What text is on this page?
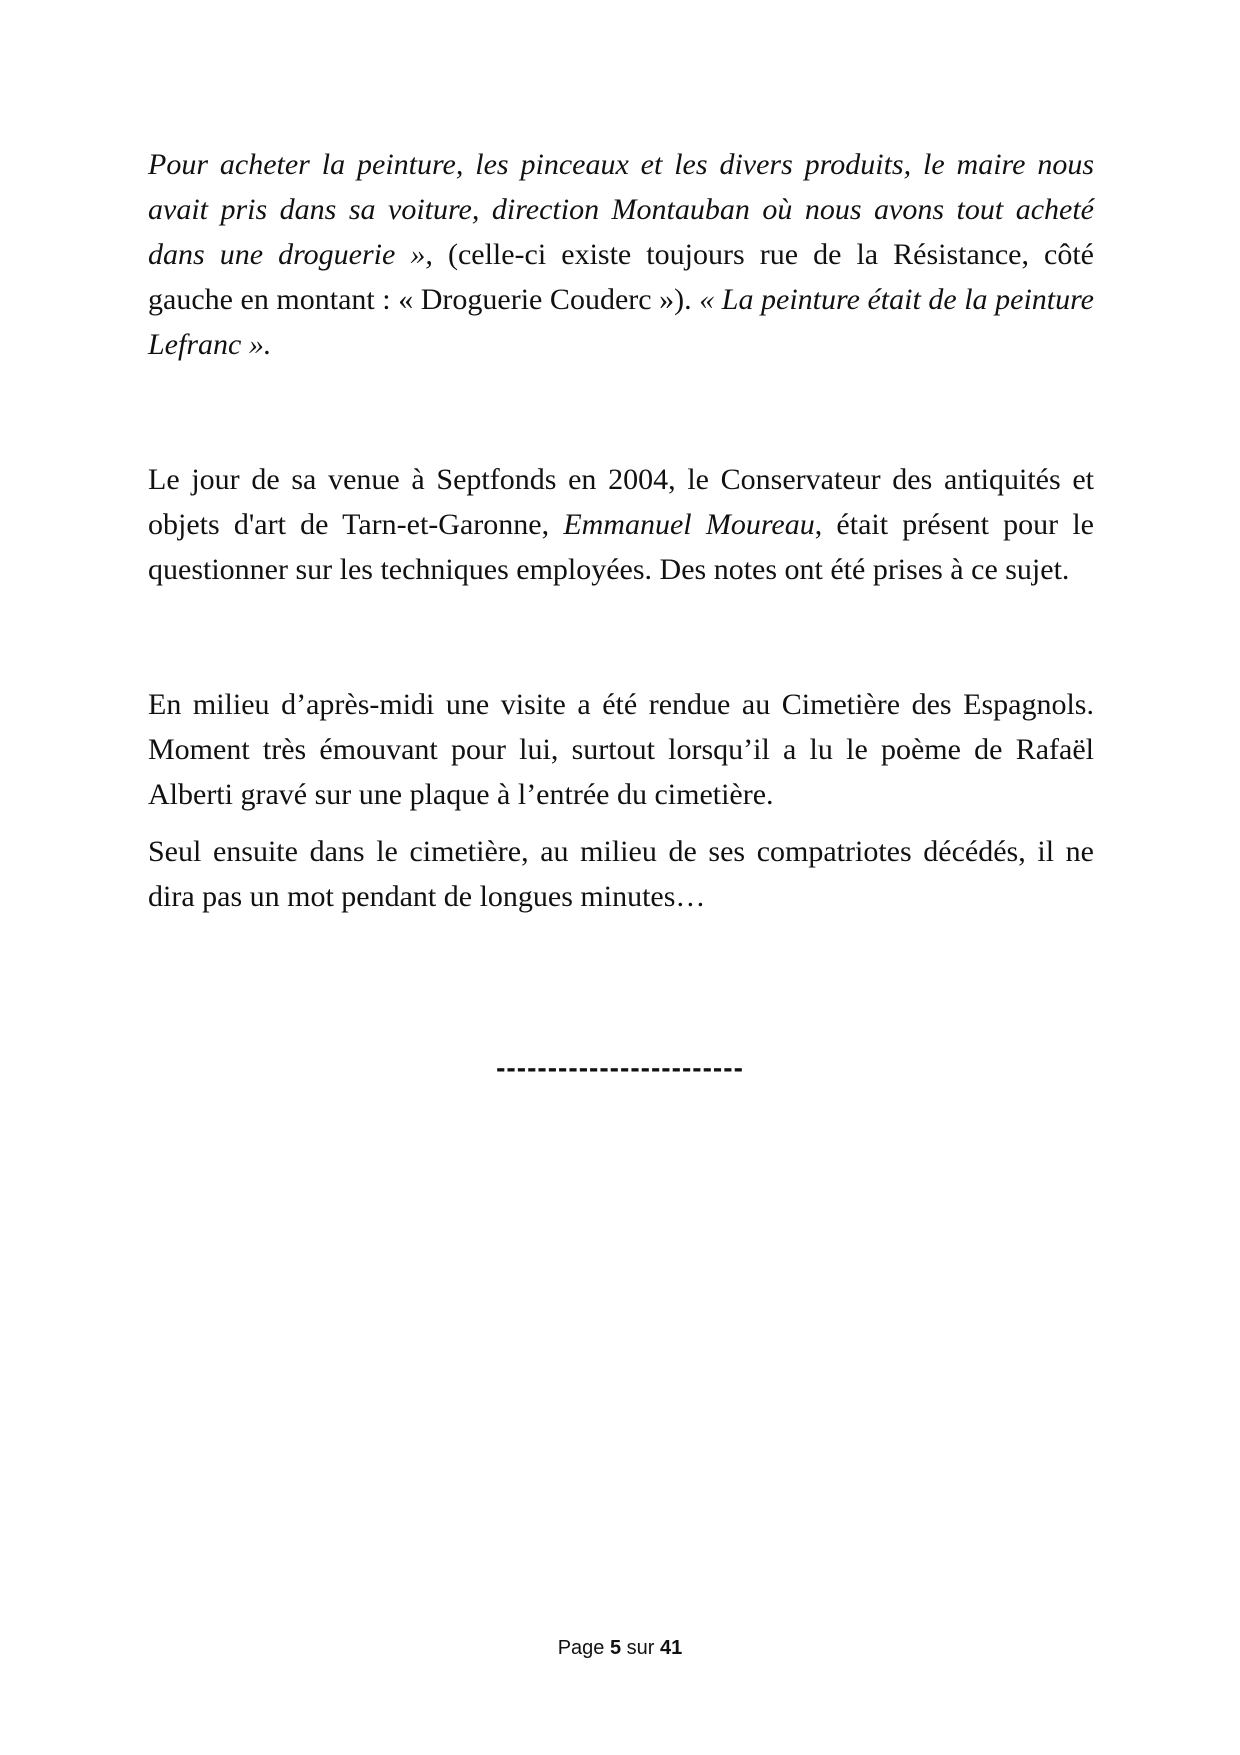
Pour acheter la peinture, les pinceaux et les divers produits, le maire nous avait pris dans sa voiture, direction Montauban où nous avons tout acheté dans une droguerie », (celle-ci existe toujours rue de la Résistance, côté gauche en montant : « Droguerie Couderc »). « La peinture était de la peinture Lefranc ».

Le jour de sa venue à Septfonds en 2004, le Conservateur des antiquités et objets d'art de Tarn-et-Garonne, Emmanuel Moureau, était présent pour le questionner sur les techniques employées. Des notes ont été prises à ce sujet.

En milieu d’après-midi une visite a été rendue au Cimetière des Espagnols. Moment très émouvant pour lui, surtout lorsqu’il a lu le poème de Rafaël Alberti gravé sur une plaque à l’entrée du cimetière.

Seul ensuite dans le cimetière, au milieu de ses compatriotes décédés, il ne dira pas un mot pendant de longues minutes…

------------------------
Page 5 sur 41
